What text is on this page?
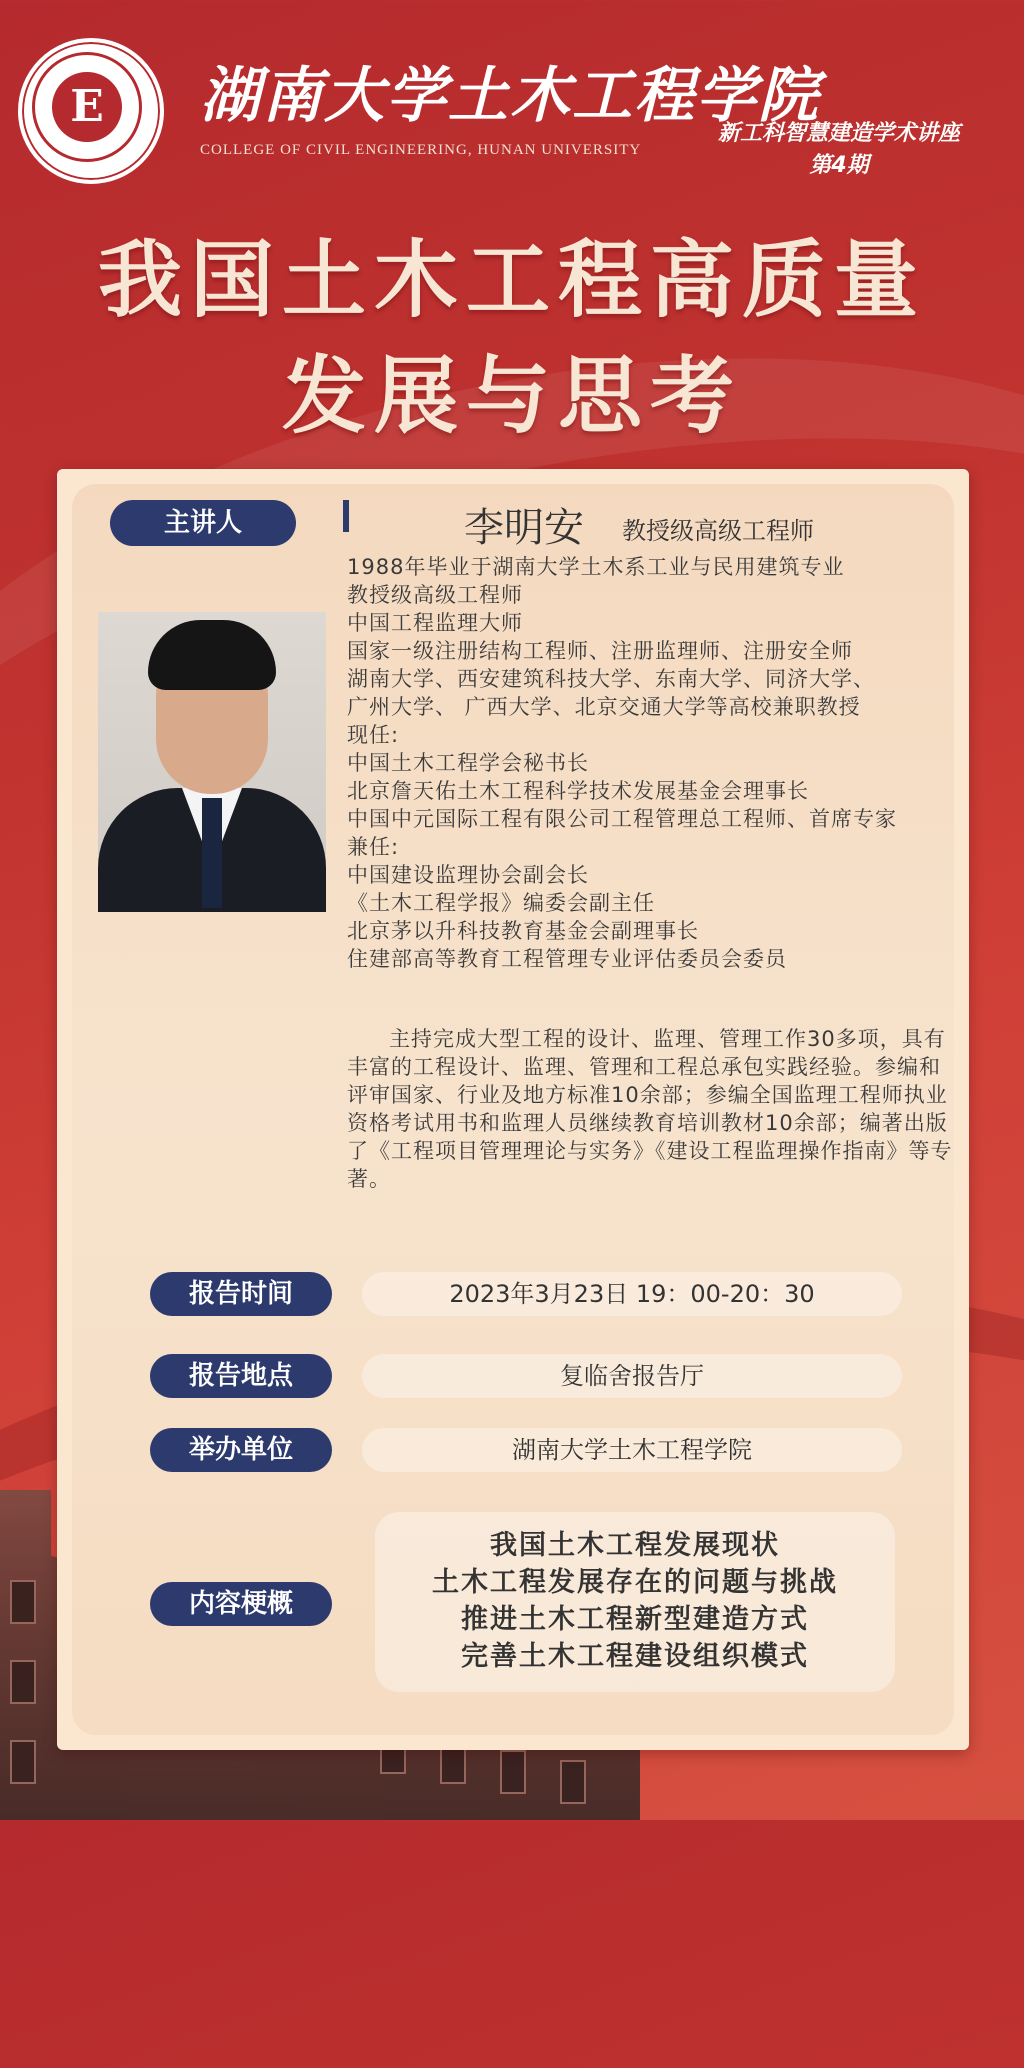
E	湖南大学土木工程学院
COLLEGE OF CIVIL ENGINEERING, HUNAN UNIVERSITY
新工科智慧建造学术讲座
第4期
我国土木工程高质量
发展与思考
主讲人	李明安 教授级高级工程师
1988年毕业于湖南大学土木系工业与民用建筑专业
教授级高级工程师
中国工程监理大师
国家一级注册结构工程师、注册监理师、注册安全师
湖南大学、西安建筑科技大学、东南大学、同济大学、
广州大学、 广西大学、北京交通大学等高校兼职教授
现任:
中国土木工程学会秘书长
北京詹天佑土木工程科学技术发展基金会理事长
中国中元国际工程有限公司工程管理总工程师、首席专家
兼任:
中国建设监理协会副会长
《土木工程学报》编委会副主任
北京茅以升科技教育基金会副理事长
住建部高等教育工程管理专业评估委员会委员
主持完成大型工程的设计、监理、管理工作30多项，具有丰富的工程设计、监理、管理和工程总承包实践经验。参编和评审国家、行业及地方标准10余部；参编全国监理工程师执业资格考试用书和监理人员继续教育培训教材10余部；编著出版了《工程项目管理理论与实务》《建设工程监理操作指南》等专著。
报告时间	2023年3月23日 19：00-20：30
报告地点	复临舍报告厅
举办单位	湖南大学土木工程学院
内容梗概
我国土木工程发展现状
土木工程发展存在的问题与挑战
推进土木工程新型建造方式
完善土木工程建设组织模式
